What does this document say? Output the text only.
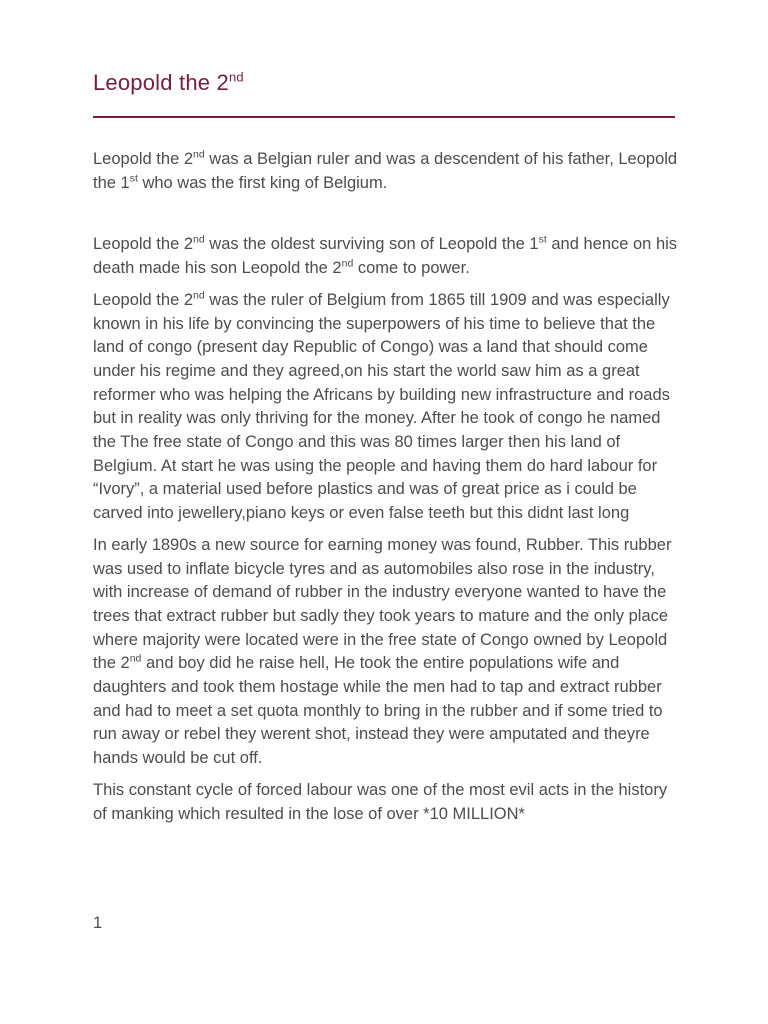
Leopold the 2nd

Leopold the 2nd was a Belgian ruler and was a descendent of his father, Leopold the 1st who was the first king of Belgium.

Leopold the 2nd was the oldest surviving son of Leopold the 1st and hence on his death made his son Leopold the 2nd come to power.

Leopold the 2nd was the ruler of Belgium from 1865 till 1909 and was especially known in his life by convincing the superpowers of his time to believe that the land of congo (present day Republic of Congo) was a land that should come under his regime and they agreed,on his start the world saw him as a great reformer who was helping the Africans by building new infrastructure and roads but in reality was only thriving for the money. After he took of congo he named the The free state of Congo and this was 80 times larger then his land of Belgium. At start he was using the people and having them do hard labour for “Ivory”, a material used before plastics and was of great price as i could be carved into jewellery,piano keys or even false teeth but this didnt last long

In early 1890s a new source for earning money was found, Rubber. This rubber was used to inflate bicycle tyres and as automobiles also rose in the industry, with increase of demand of rubber in the industry everyone wanted to have the trees that extract rubber but sadly they took years to mature and the only place where majority were located were in the free state of Congo owned by Leopold the 2nd and boy did he raise hell, He took the entire populations wife and daughters and took them hostage while the men had to tap and extract rubber and had to meet a set quota monthly to bring in the rubber and if some tried to run away or rebel they werent shot, instead they were amputated and theyre hands would be cut off.

This constant cycle of forced labour was one of the most evil acts in the history of manking which resulted in the lose of over *10 MILLION*

1
